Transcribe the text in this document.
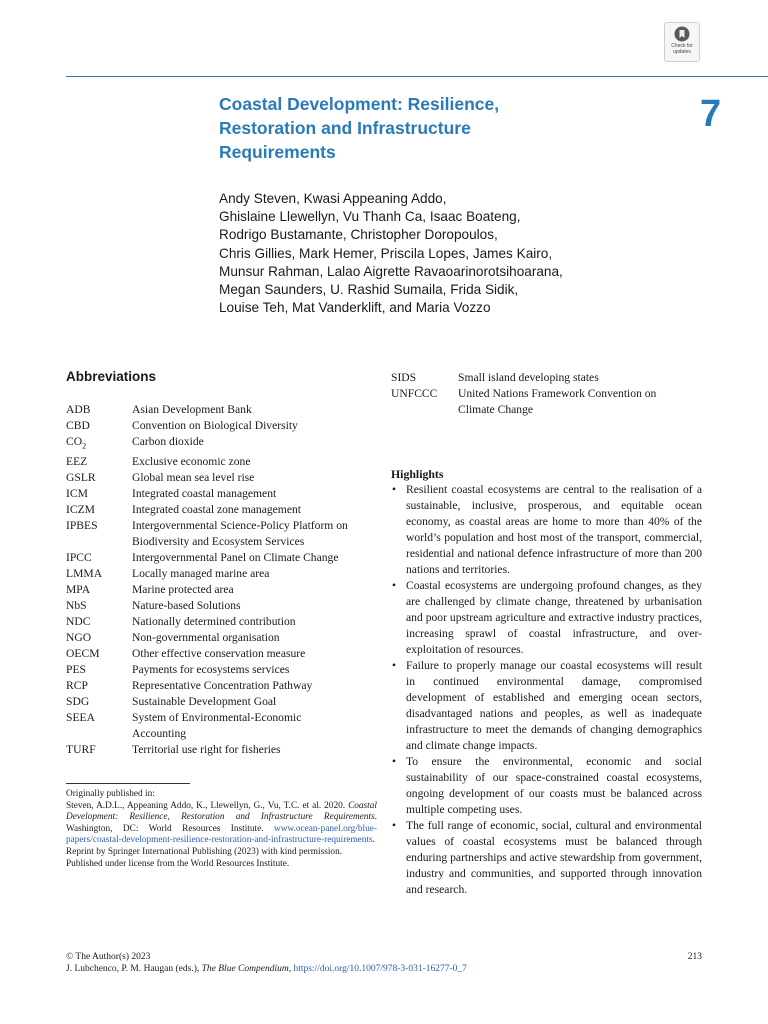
Check for
updates
Coastal Development: Resilience,
Restoration and Infrastructure
Requirements
7
Andy Steven, Kwasi Appeaning Addo,
Ghislaine Llewellyn, Vu Thanh Ca, Isaac Boateng,
Rodrigo Bustamante, Christopher Doropoulos,
Chris Gillies, Mark Hemer, Priscila Lopes, James Kairo,
Munsur Rahman, Lalao Aigrette Ravaoarinorotsihoarana,
Megan Saunders, U. Rashid Sumaila, Frida Sidik,
Louise Teh, Mat Vanderklift, and Maria Vozzo
Abbreviations
ADB	Asian Development Bank
CBD	Convention on Biological Diversity
$CO_2$	Carbon dioxide
EEZ	Exclusive economic zone
GSLR	Global mean sea level rise
ICM	Integrated coastal management
ICZM	Integrated coastal zone management
IPBES	Intergovernmental Science-Policy Platform on
Biodiversity and Ecosystem Services
IPCC	Intergovernmental Panel on Climate Change
LMMA	Locally managed marine area
MPA	Marine protected area
NbS	Nature-based Solutions
NDC	Nationally determined contribution
NGO	Non-governmental organisation
OECM	Other effective conservation measure
PES	Payments for ecosystems services
RCP	Representative Concentration Pathway
SDG	Sustainable Development Goal
SEEA	System of Environmental-Economic
Accounting
TURF	Territorial use right for fisheries
SIDS	Small island developing states
UNFCCC	United Nations Framework Convention on
Climate Change

Originally published in:

Steven, A.D.L., Appeaning Addo, K., Llewellyn, G., Vu, T.C. et al. 2020. Coastal Development: Resilience, Restoration and Infrastructure Requirements. Washington, DC: World Resources Institute. www.ocean-panel.org/blue-papers/coastal-development-resilience-restoration-and-infrastructure-requirements.

Reprint by Springer International Publishing (2023) with kind permission.

Published under license from the World Resources Institute.

Highlights
• Resilient coastal ecosystems are central to the realisation of a sustainable, inclusive, prosperous, and equitable ocean economy, as coastal areas are home to more than 40% of the world’s population and host most of the transport, commercial, residential and national defence infrastructure of more than 200 nations and territories.
• Coastal ecosystems are undergoing profound changes, as they are challenged by climate change, threatened by urbanisation and poor upstream agriculture and extractive industry practices, increasing sprawl of coastal infrastructure, and over-exploitation of resources.
• Failure to properly manage our coastal ecosystems will result in continued environmental damage, compromised development of established and emerging ocean sectors, disadvantaged nations and peoples, as well as inadequate infrastructure to meet the demands of changing demographics and climate change impacts.
• To ensure the environmental, economic and social sustainability of our space-constrained coastal ecosystems, ongoing development of our coasts must be balanced across multiple competing uses.
• The full range of economic, social, cultural and environmental values of coastal ecosystems must be balanced through enduring partnerships and active stewardship from government, industry and communities, and supported through innovation and research.
© The Author(s) 2023	213
J. Lubchenco, P. M. Haugan (eds.), The Blue Compendium, https://doi.org/10.1007/978-3-031-16277-0_7
